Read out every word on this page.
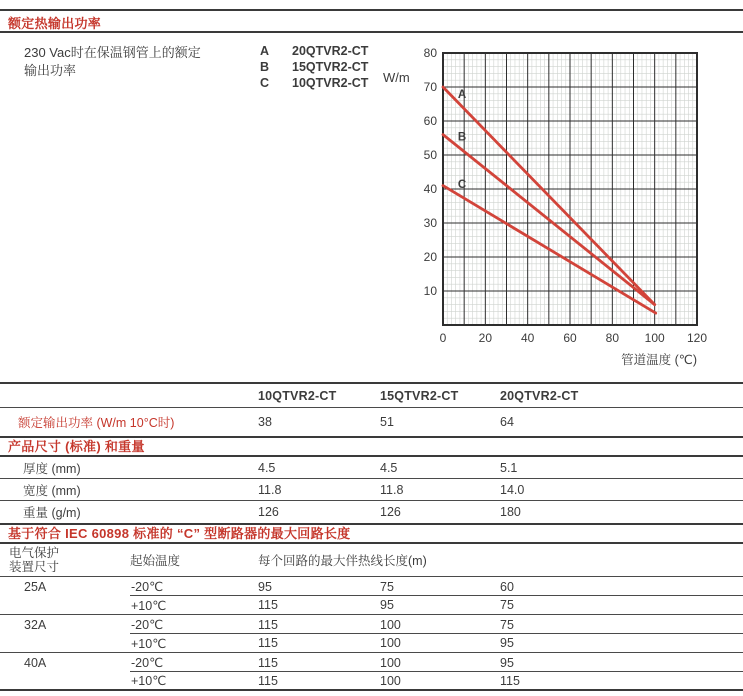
额定热输出功率
230 Vac时在保温钢管上的额定
输出功率
A	20QTVR2-CT
B	15QTVR2-CT
C	10QTVR2-CT W/m
A
B
C
10
20
30
40
50
60
70
80
0	20 40 60 80 100 120
管道温度 (℃)
10QTVR2-CT	15QTVR2-CT	20QTVR2-CT
额定输出功率 (W/m 10°C时)	38	51	64
产品尺寸 (标准) 和重量
厚度 (mm)	4.5	4.5	5.1
宽度 (mm)	11.8	11.8	14.0
重量 (g/m)	126	126	180
基于符合 IEC 60898 标准的 “C” 型断路器的最大回路长度
电气保护
装置尺寸	起始温度	每个回路的最大伴热线长度(m)
25A	-20℃	95	75	60
+10℃	115	95	75
32A	-20℃	115	100	75
+10℃	115	100	95
40A	-20℃	115	100	95
+10℃	115	100	115
